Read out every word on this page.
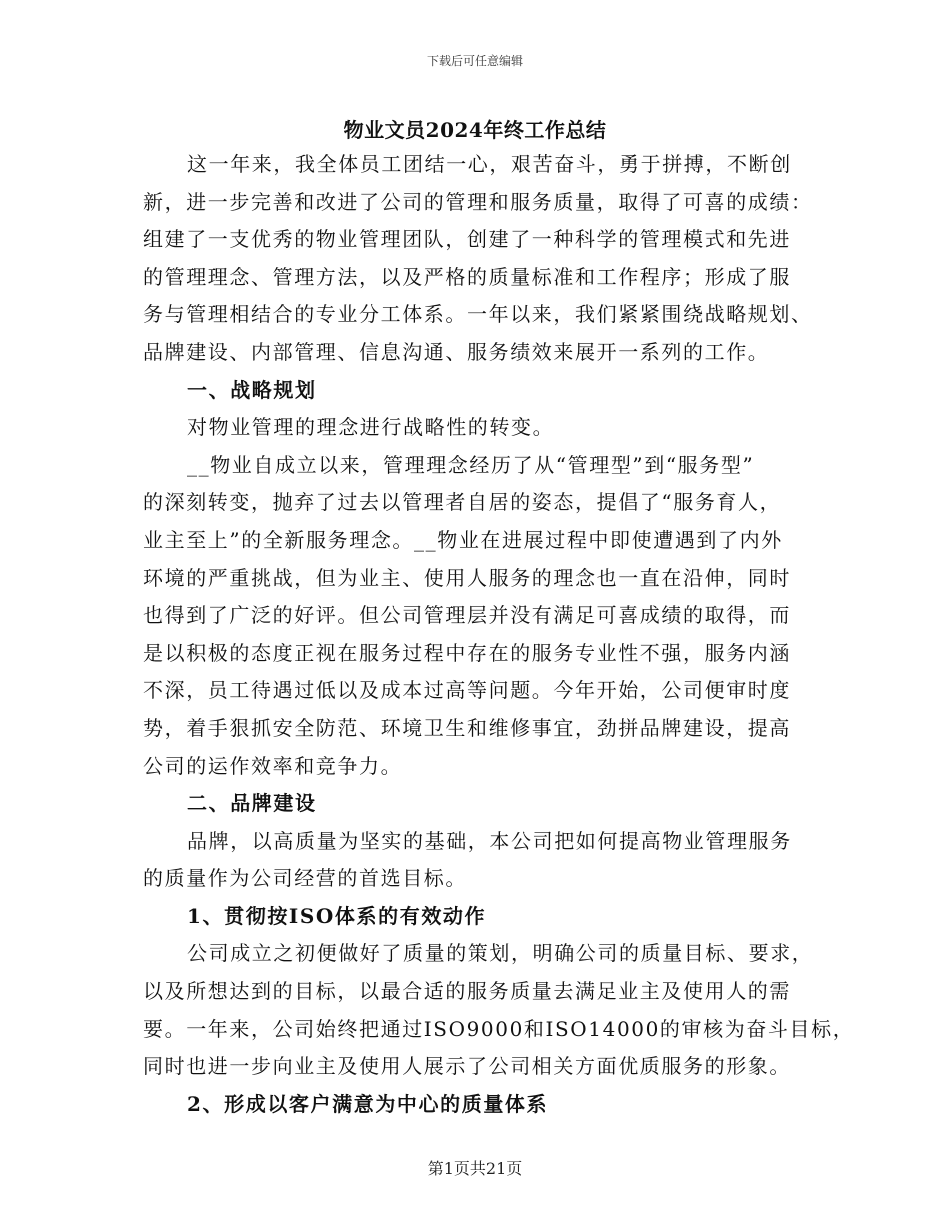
下载后可任意编辑
物业文员2024年终工作总结
这一年来，我全体员工团结一心，艰苦奋斗，勇于拼搏，不断创
新，进一步完善和改进了公司的管理和服务质量，取得了可喜的成绩：
组建了一支优秀的物业管理团队，创建了一种科学的管理模式和先进
的管理理念、管理方法，以及严格的质量标准和工作程序；形成了服
务与管理相结合的专业分工体系。一年以来，我们紧紧围绕战略规划、
品牌建设、内部管理、信息沟通、服务绩效来展开一系列的工作。
一、战略规划
对物业管理的理念进行战略性的转变。
__物业自成立以来，管理理念经历了从“管理型”到“服务型”
的深刻转变，抛弃了过去以管理者自居的姿态，提倡了“服务育人，
业主至上”的全新服务理念。__物业在进展过程中即使遭遇到了内外
环境的严重挑战，但为业主、使用人服务的理念也一直在沿伸，同时
也得到了广泛的好评。但公司管理层并没有满足可喜成绩的取得，而
是以积极的态度正视在服务过程中存在的服务专业性不强，服务内涵
不深，员工待遇过低以及成本过高等问题。今年开始，公司便审时度
势，着手狠抓安全防范、环境卫生和维修事宜，劲拼品牌建设，提高
公司的运作效率和竞争力。
二、品牌建设
品牌，以高质量为坚实的基础，本公司把如何提高物业管理服务
的质量作为公司经营的首选目标。
1、贯彻按ISO体系的有效动作
公司成立之初便做好了质量的策划，明确公司的质量目标、要求，
以及所想达到的目标，以最合适的服务质量去满足业主及使用人的需
要。一年来，公司始终把通过ISO9000和ISO14000的审核为奋斗目标，
同时也进一步向业主及使用人展示了公司相关方面优质服务的形象。
2、形成以客户满意为中心的质量体系
第1页共21页
